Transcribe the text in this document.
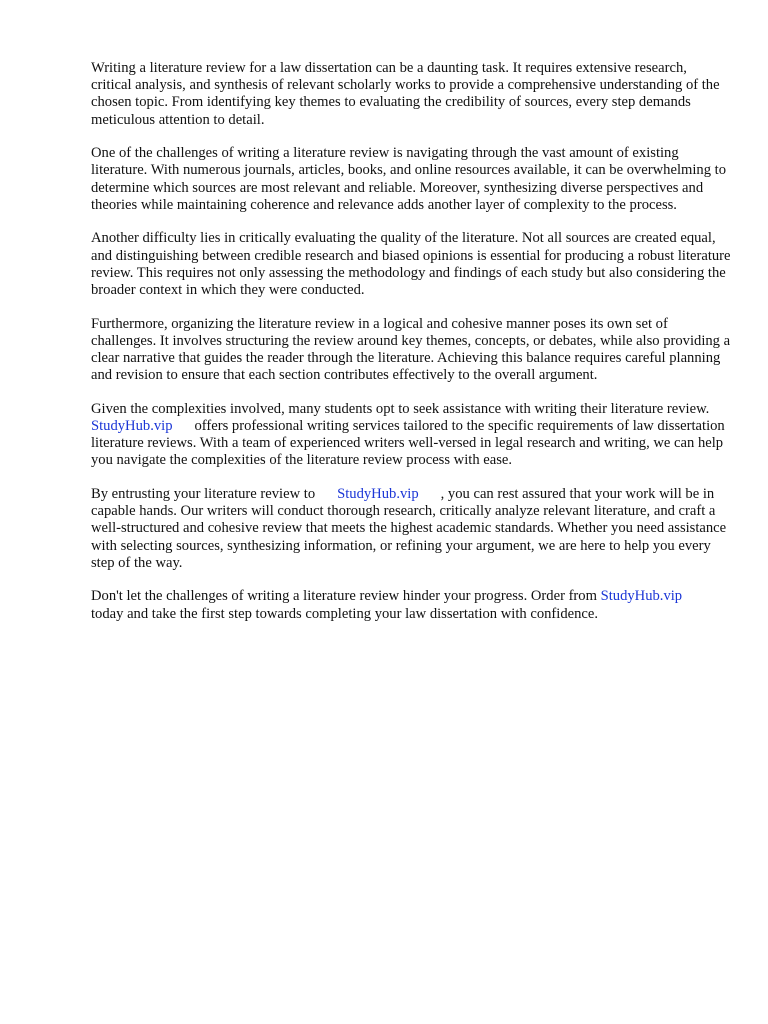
Writing a literature review for a law dissertation can be a daunting task. It requires extensive research, critical analysis, and synthesis of relevant scholarly works to provide a comprehensive understanding of the chosen topic. From identifying key themes to evaluating the credibility of sources, every step demands meticulous attention to detail.

One of the challenges of writing a literature review is navigating through the vast amount of existing literature. With numerous journals, articles, books, and online resources available, it can be overwhelming to determine which sources are most relevant and reliable. Moreover, synthesizing diverse perspectives and theories while maintaining coherence and relevance adds another layer of complexity to the process.

Another difficulty lies in critically evaluating the quality of the literature. Not all sources are created equal, and distinguishing between credible research and biased opinions is essential for producing a robust literature review. This requires not only assessing the methodology and findings of each study but also considering the broader context in which they were conducted.

Furthermore, organizing the literature review in a logical and cohesive manner poses its own set of challenges. It involves structuring the review around key themes, concepts, or debates, while also providing a clear narrative that guides the reader through the literature. Achieving this balance requires careful planning and revision to ensure that each section contributes effectively to the overall argument.

Given the complexities involved, many students opt to seek assistance with writing their literature review.StudyHub.vip offers professional writing services tailored to the specific requirements of law dissertation literature reviews. With a team of experienced writers well-versed in legal research and writing, we can help you navigate the complexities of the literature review process with ease.

By entrusting your literature review to StudyHub.vip , you can rest assured that your work will be in capable hands. Our writers will conduct thorough research, critically analyze relevant literature, and craft a well-structured and cohesive review that meets the highest academic standards. Whether you need assistance with selecting sources, synthesizing information, or refining your argument, we are here to help you every step of the way.

Don't let the challenges of writing a literature review hinder your progress. Order from StudyHub.viptoday and take the first step towards completing your law dissertation with confidence.
